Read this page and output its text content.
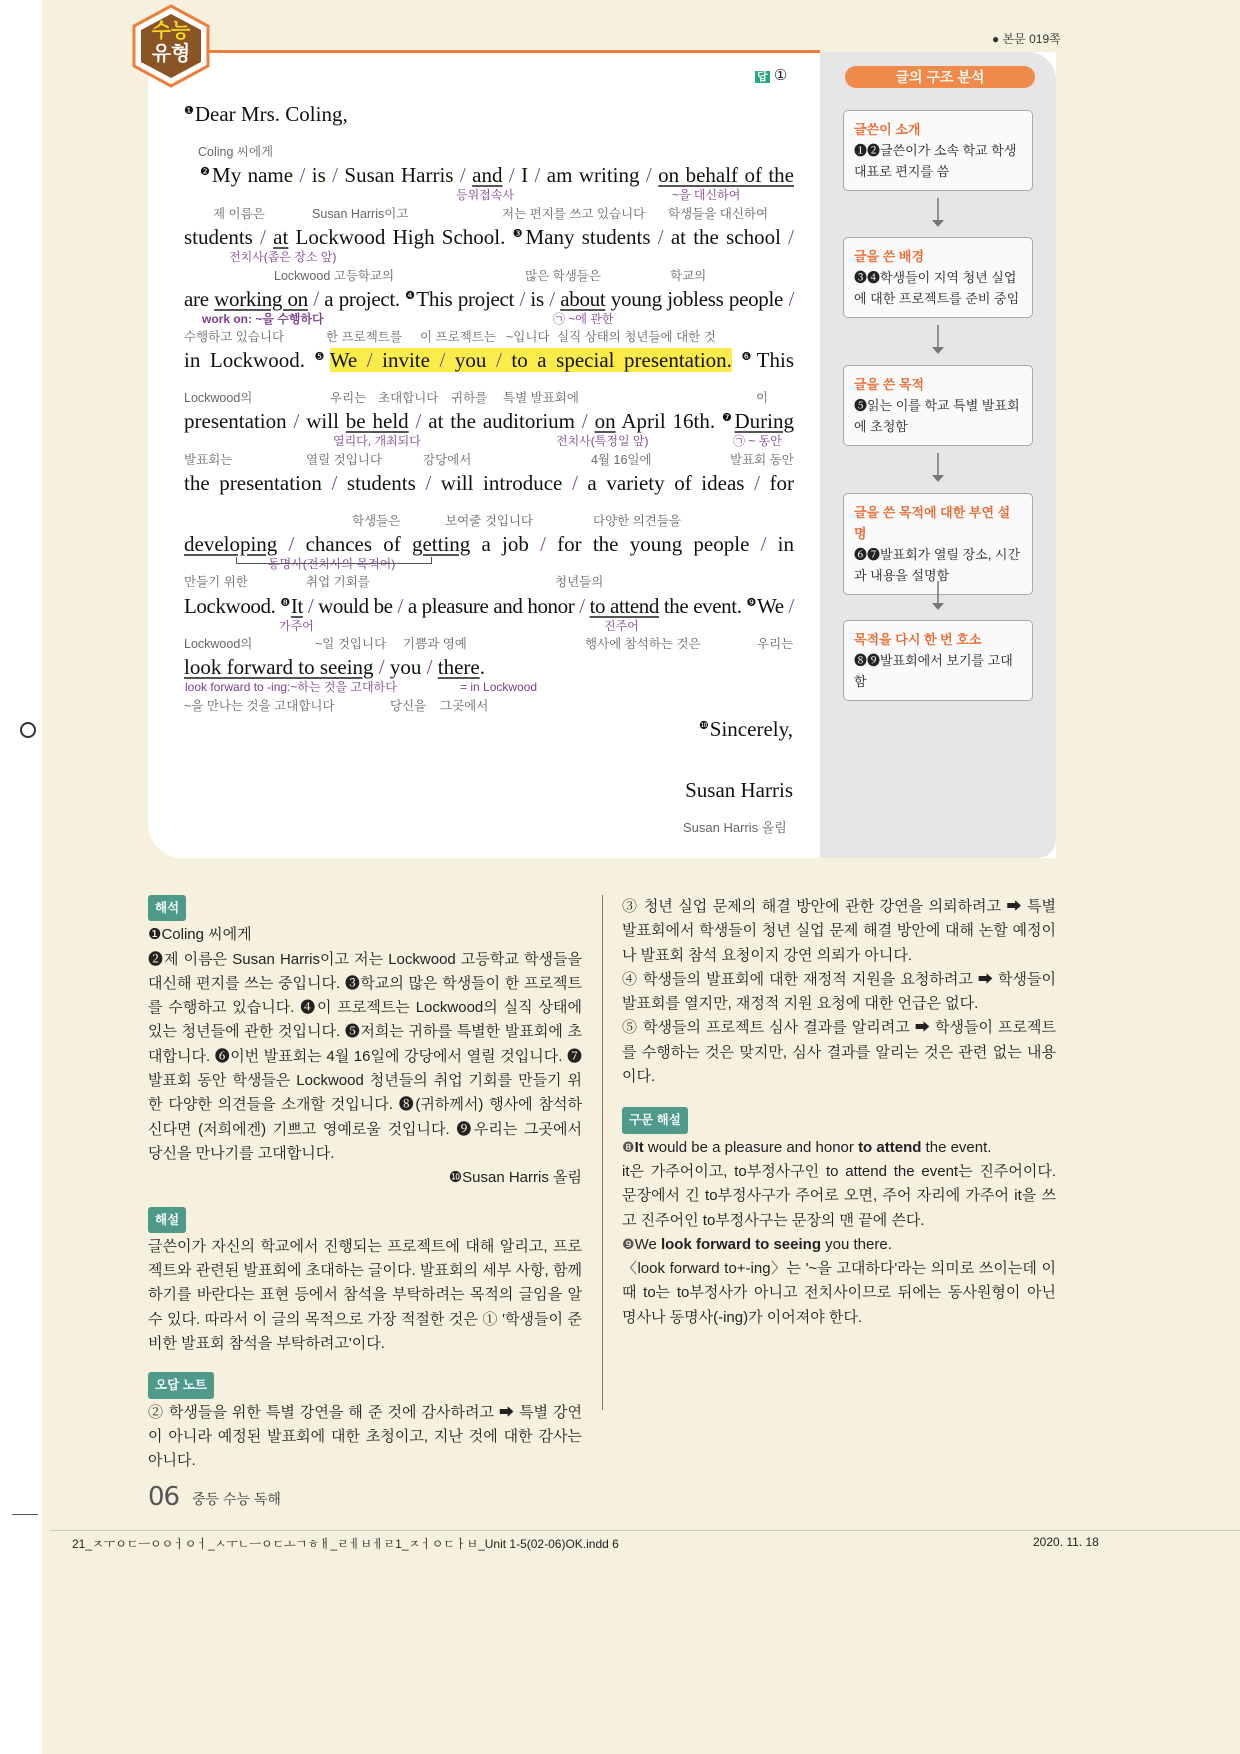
수능
유형
● 본문 019쪽
답 ①
$^❶$Dear Mrs. Coling,
Coling 씨에게
$^❷$My name / is / Susan Harris / and / I / am writing / on behalf of the
등위접속사	~을 대신하여
제 이름은	Susan Harris이고	저는 편지를 쓰고 있습니다 학생들을 대신하여
students / at Lockwood High School. $^❸$Many students / at the school /
전치사(좁은 장소 앞)
Lockwood 고등학교의	많은 학생들은	학교의
are working on / a project. $^❹$This project / is / about young jobless people /
work on: ~을 수행하다	㉠ ~에 관한
수행하고 있습니다	한 프로젝트를 이 프로젝트는 ~입니다 실직 상태의 청년들에 대한 것
in Lockwood. $^❺$We / invite / you / to a special presentation. $^❻$This
Lockwood의	우리는 초대합니다 귀하를 특별 발표회에	이
presentation / will be held / at the auditorium / on April 16th. $^❼$During
열리다, 개최되다	전치사(특정일 앞)	㉠ ~ 동안
발표회는	열릴 것입니다	강당에서	4월 16일에	발표회 동안
the presentation / students / will introduce / a variety of ideas / for
학생들은	보여줄 것입니다	다양한 의견들을
developing / chances of getting a job / for the young people / in
동명사(전치사의 목적어)
만들기 위한	취업 기회를	청년들의
Lockwood. $^❽$It / would be / a pleasure and honor / to attend the event. $^❾$We /
가주어	진주어
Lockwood의	~일 것입니다 기쁨과 영예	행사에 참석하는 것은	우리는
look forward to seeing / you / there.
look forward to -ing:~하는 것을 고대하다	= in Lockwood
~을 만나는 것을 고대합니다	당신을 그곳에서
$^❿$Sincerely,
Susan Harris
Susan Harris 올림
글의 구조 분석
글쓴이 소개
❶❷글쓴이가 소속 학교 학생 대표로 편지를 씀
글을 쓴 배경
❸❹학생들이 지역 청년 실업에 대한 프로젝트를 준비 중임
글을 쓴 목적
❺읽는 이를 학교 특별 발표회에 초청함
글을 쓴 목적에 대한 부연 설명
❻❼발표회가 열릴 장소, 시간과 내용을 설명함
목적을 다시 한 번 호소
❽❾발표회에서 보기를 고대함
해석

❶Coling 씨에게

❷제 이름은 Susan Harris이고 저는 Lockwood 고등학교 학생들을 대신해 편지를 쓰는 중입니다. ❸학교의 많은 학생들이 한 프로젝트를 수행하고 있습니다. ❹이 프로젝트는 Lockwood의 실직 상태에 있는 청년들에 관한 것입니다. ❺저희는 귀하를 특별한 발표회에 초대합니다. ❻이번 발표회는 4월 16일에 강당에서 열릴 것입니다. ❼발표회 동안 학생들은 Lockwood 청년들의 취업 기회를 만들기 위한 다양한 의견들을 소개할 것입니다. ❽(귀하께서) 행사에 참석하신다면 (저희에겐) 기쁘고 영예로울 것입니다. ❾우리는 그곳에서 당신을 만나기를 고대합니다.

❿Susan Harris 올림

해설

글쓴이가 자신의 학교에서 진행되는 프로젝트에 대해 알리고, 프로젝트와 관련된 발표회에 초대하는 글이다. 발표회의 세부 사항, 함께하기를 바란다는 표현 등에서 참석을 부탁하려는 목적의 글임을 알 수 있다. 따라서 이 글의 목적으로 가장 적절한 것은 ① '학생들이 준비한 발표회 참석을 부탁하려고'이다.

오답 노트

② 학생들을 위한 특별 강연을 해 준 것에 감사하려고 ➡ 특별 강연이 아니라 예정된 발표회에 대한 초청이고, 지난 것에 대한 감사는 아니다.

③ 청년 실업 문제의 해결 방안에 관한 강연을 의뢰하려고 ➡ 특별 발표회에서 학생들이 청년 실업 문제 해결 방안에 대해 논할 예정이나 발표회 참석 요청이지 강연 의뢰가 아니다.

④ 학생들의 발표회에 대한 재정적 지원을 요청하려고 ➡ 학생들이 발표회를 열지만, 재정적 지원 요청에 대한 언급은 없다.

⑤ 학생들의 프로젝트 심사 결과를 알리려고 ➡ 학생들이 프로젝트를 수행하는 것은 맞지만, 심사 결과를 알리는 것은 관련 없는 내용이다.

구문 해설

❽It would be a pleasure and honor to attend the event.

it은 가주어이고, to부정사구인 to attend the event는 진주어이다. 문장에서 긴 to부정사구가 주어로 오면, 주어 자리에 가주어 it을 쓰고 진주어인 to부정사구는 문장의 맨 끝에 쓴다.

❾We look forward to seeing you there.

〈look forward to+-ing〉는 '~을 고대하다'라는 의미로 쓰이는데 이때 to는 to부정사가 아니고 전치사이므로 뒤에는 동사원형이 아닌 명사나 동명사(-ing)가 이어져야 한다.

06 중등 수능 독해
21_ㅈㅜㅇㄷㅡㅇㅇㅓㅇㅓ_ㅅㅜㄴㅡㅇㄷㅗㄱㅎㅐ_ㄹㅔㅂㅔㄹ1_ㅈㅓㅇㄷㅏㅂ_Unit 1-5(02-06)OK.indd 6	2020. 11. 18
